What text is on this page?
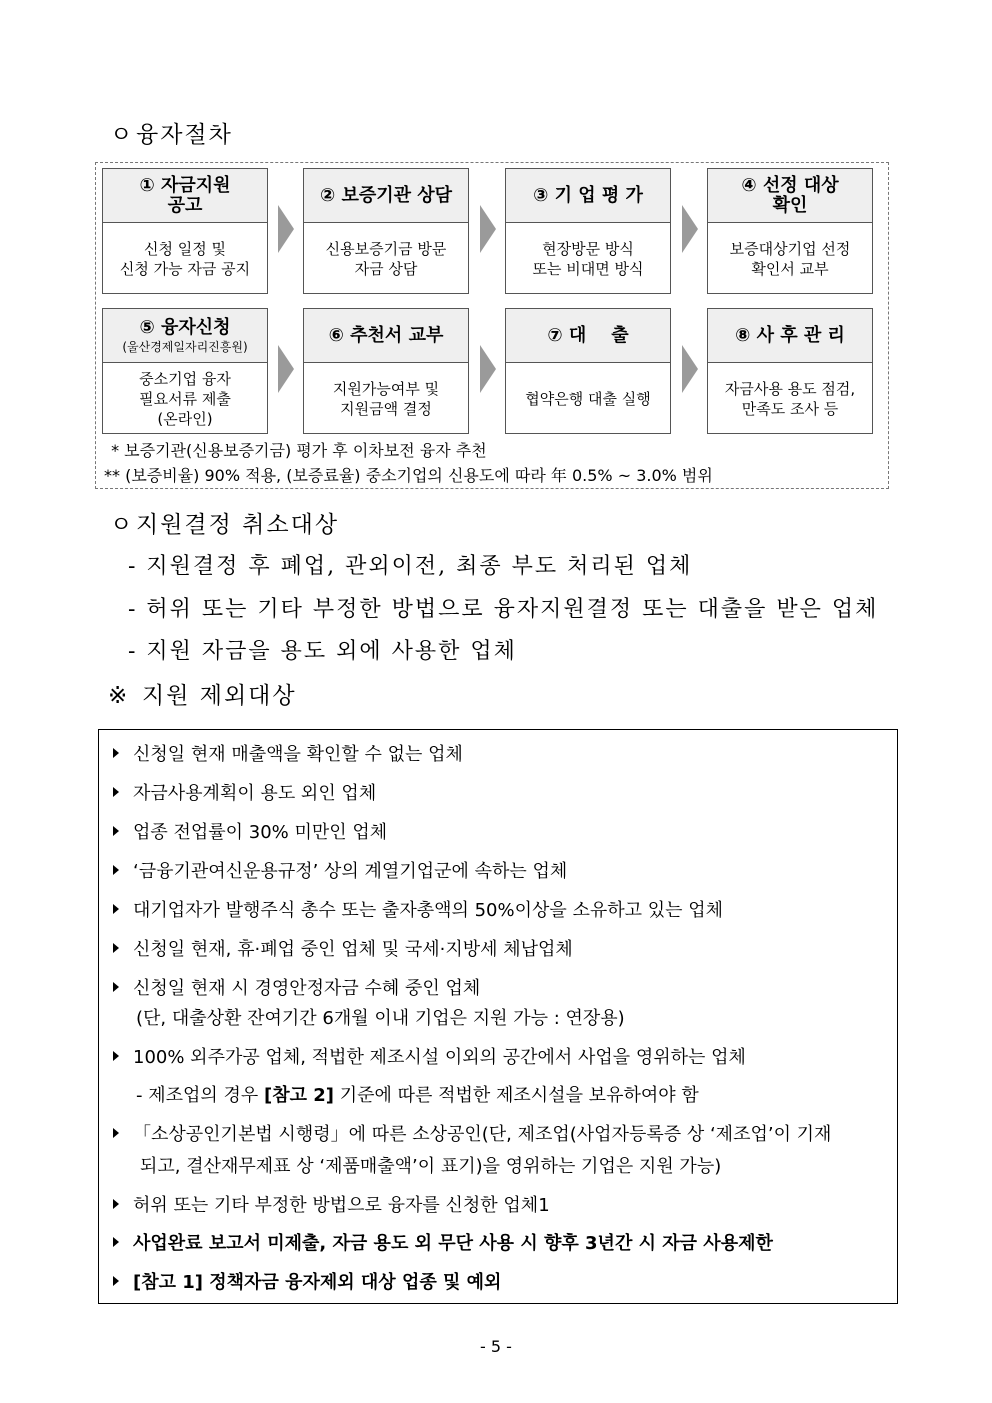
ㅇ융자절차
① 자금지원
공고
신청 일정 및
신청 가능 자금 공지
② 보증기관 상담
신용보증기금 방문
자금 상담
③ 기 업 평 가
현장방문 방식
또는 비대면 방식
④ 선정 대상
확인
보증대상기업 선정
확인서 교부
⑤ 융자신청
(울산경제일자리진흥원)
중소기업 융자
필요서류 제출
(온라인)
⑥ 추천서 교부
지원가능여부 및
지원금액 결정
⑦ 대    출
협약은행 대출 실행
⑧ 사 후 관 리
자금사용 용도 점검,
만족도 조사 등
* 보증기관(신용보증기금) 평가 후 이차보전 융자 추천
** (보증비율) 90% 적용, (보증료율) 중소기업의 신용도에 따라 年 0.5% ~ 3.0% 범위
ㅇ지원결정 취소대상
- 지원결정 후 폐업, 관외이전, 최종 부도 처리된 업체
- 허위 또는 기타 부정한 방법으로 융자지원결정 또는 대출을 받은 업체
- 지원 자금을 용도 외에 사용한 업체
※ 지원 제외대상
신청일 현재 매출액을 확인할 수 없는 업체
자금사용계획이 용도 외인 업체
업종 전업률이 30% 미만인 업체
‘금융기관여신운용규정’ 상의 계열기업군에 속하는 업체
대기업자가 발행주식 총수 또는 출자총액의 50%이상을 소유하고 있는 업체
신청일 현재, 휴·폐업 중인 업체 및 국세·지방세 체납업체
신청일 현재 시 경영안정자금 수혜 중인 업체
(단, 대출상환 잔여기간 6개월 이내 기업은 지원 가능 : 연장용)
100% 외주가공 업체, 적법한 제조시설 이외의 공간에서 사업을 영위하는 업체
- 제조업의 경우 [참고 2] 기준에 따른 적법한 제조시설을 보유하여야 함
「소상공인기본법 시행령」에 따른 소상공인(단, 제조업(사업자등록증 상 ‘제조업’이 기재
되고, 결산재무제표 상 ‘제품매출액’이 표기)을 영위하는 기업은 지원 가능)
허위 또는 기타 부정한 방법으로 융자를 신청한 업체1
사업완료 보고서 미제출, 자금 용도 외 무단 사용 시 향후 3년간 시 자금 사용제한
[참고 1] 정책자금 융자제외 대상 업종 및 예외
- 5 -
